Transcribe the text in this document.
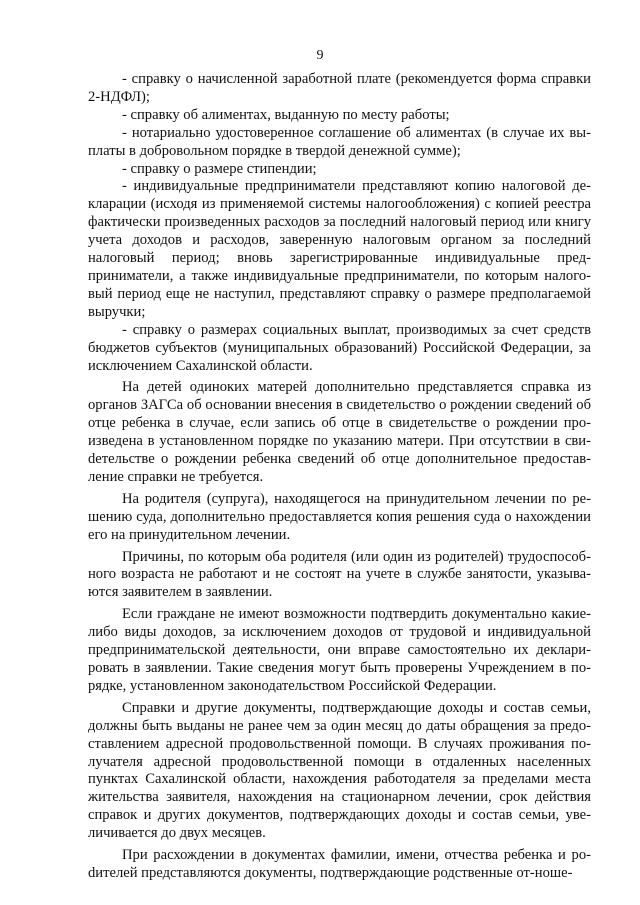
9

- справку о начисленной заработной плате (рекомендуется форма справки 2-НДФЛ);

- справку об алиментах, выданную по месту работы;

- нотариально удостоверенное соглашение об алиментах (в случае их выплаты в добровольном порядке в твердой денежной сумме);

- справку о размере стипендии;

- индивидуальные предприниматели представляют копию налоговой декларации (исходя из применяемой системы налогообложения) с копией реестра фактически произведенных расходов за последний налоговый период или книгу учета доходов и расходов, заверенную налоговым органом за последний налоговый период; вновь зарегистрированные индивидуальные предприниматели, а также индивидуальные предприниматели, по которым налоговый период еще не наступил, представляют справку о размере предполагаемой выручки;

- справку о размерах социальных выплат, производимых за счет средств бюджетов субъектов (муниципальных образований) Российской Федерации, за исключением Сахалинской области.

На детей одиноких матерей дополнительно представляется справка из органов ЗАГСа об основании внесения в свидетельство о рождении сведений об отце ребенка в случае, если запись об отце в свидетельстве о рождении произведена в установленном порядке по указанию матери. При отсутствии в свиdетельстве о рождении ребенка сведений об отце дополнительное предоставление справки не требуется.

На родителя (супруга), находящегося на принудительном лечении по решению суда, дополнительно предоставляется копия решения суда о нахождении его на принудительном лечении.

Причины, по которым оба родителя (или один из родителей) трудоспособного возраста не работают и не состоят на учете в службе занятости, указываются заявителем в заявлении.

Если граждане не имеют возможности подтвердить документально какие-либо виды доходов, за исключением доходов от трудовой и индивидуальной предпринимательской деятельности, они вправе самостоятельно их декларировать в заявлении. Такие сведения могут быть проверены Учреждением в порядке, установленном законодательством Российской Федерации.

Справки и другие документы, подтверждающие доходы и состав семьи, должны быть выданы не ранее чем за один месяц до даты обращения за предоставлением адресной продовольственной помощи. В случаях проживания получателя адресной продовольственной помощи в отдаленных населенных пунктах Сахалинской области, нахождения работодателя за пределами места жительства заявителя, нахождения на стационарном лечении, срок действия справок и других документов, подтверждающих доходы и состав семьи, увеличивается до двух месяцев.

При расхождении в документах фамилии, имени, отчества ребенка и роdителей представляются документы, подтверждающие родственные от-ноше-
